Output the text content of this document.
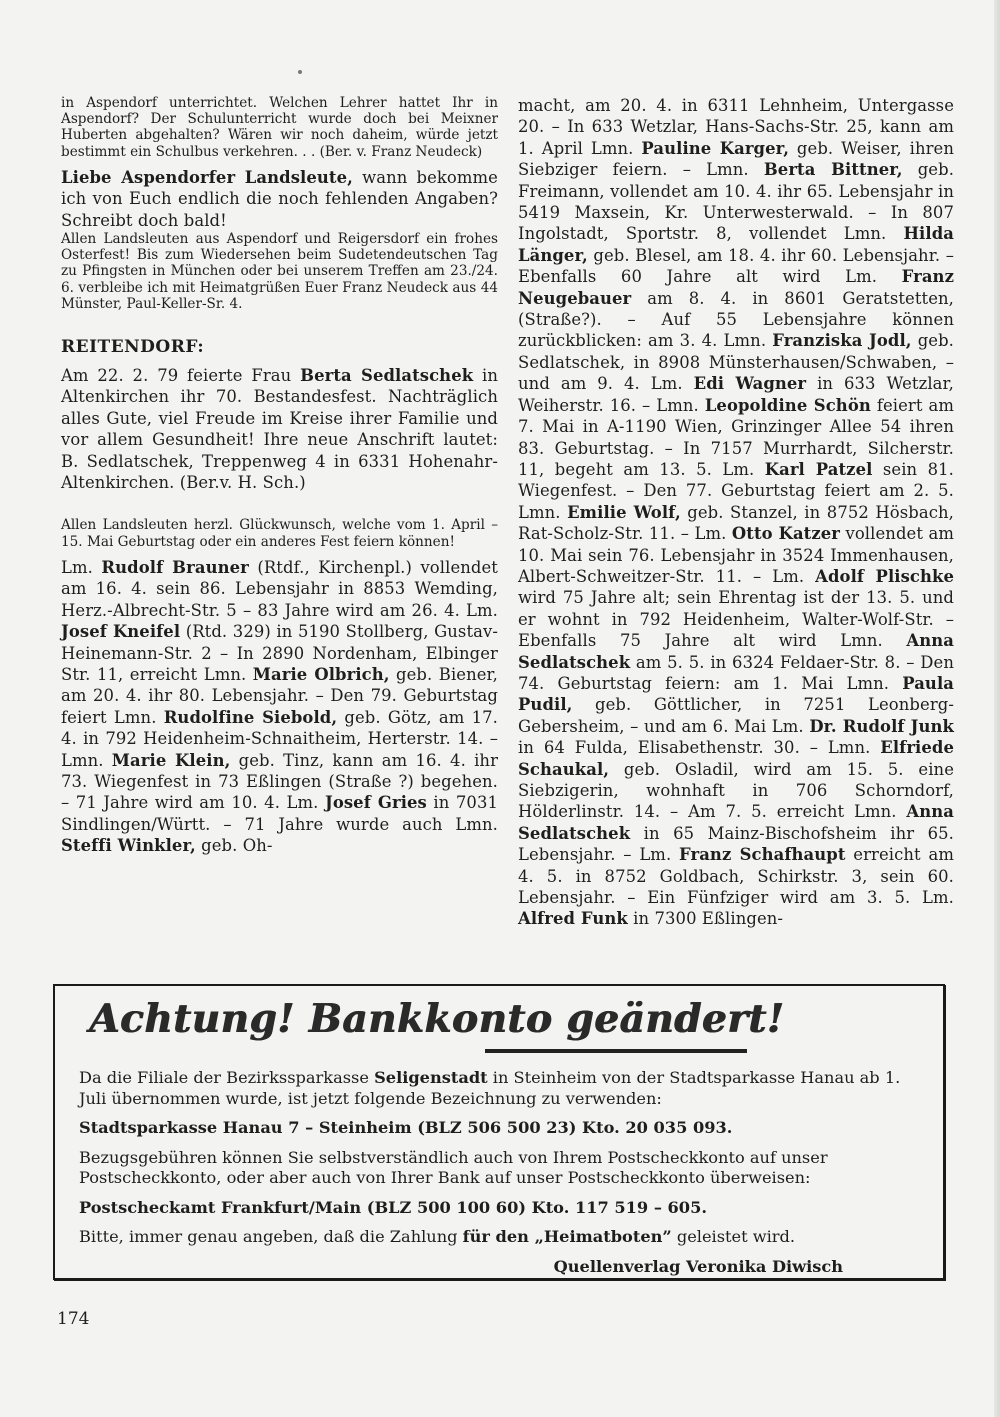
in Aspendorf unterrichtet. Welchen Lehrer hattet Ihr in Aspendorf? Der Schulunterricht wurde doch bei Meixner Huberten abgehalten? Wären wir noch daheim, würde jetzt bestimmt ein Schulbus verkehren. . . (Ber. v. Franz Neudeck)

Liebe Aspendorfer Landsleute, wann bekomme ich von Euch endlich die noch fehlenden Angaben? Schreibt doch bald!

Allen Landsleuten aus Aspendorf und Reigersdorf ein frohes Osterfest! Bis zum Wiedersehen beim Sudetendeutschen Tag zu Pfingsten in München oder bei unserem Treffen am 23./24. 6. verbleibe ich mit Heimatgrüßen Euer Franz Neudeck aus 44 Münster, Paul-Keller-Sr. 4.

REITENDORF:

Am 22. 2. 79 feierte Frau Berta Sedlatschek in Altenkirchen ihr 70. Bestandesfest. Nachträglich alles Gute, viel Freude im Kreise ihrer Familie und vor allem Gesundheit! Ihre neue Anschrift lautet: B. Sedlatschek, Treppenweg 4 in 6331 Hohenahr-Altenkirchen. (Ber.v. H. Sch.)

Allen Landsleuten herzl. Glückwunsch, welche vom 1. April – 15. Mai Geburtstag oder ein anderes Fest feiern können!

Lm. Rudolf Brauner (Rtdf., Kirchenpl.) vollendet am 16. 4. sein 86. Lebensjahr in 8853 Wemding, Herz.-Albrecht-Str. 5 – 83 Jahre wird am 26. 4. Lm. Josef Kneifel (Rtd. 329) in 5190 Stollberg, Gustav-Heinemann-Str. 2 – In 2890 Nordenham, Elbinger Str. 11, erreicht Lmn. Marie Olbrich, geb. Biener, am 20. 4. ihr 80. Lebensjahr. – Den 79. Geburtstag feiert Lmn. Rudolfine Siebold, geb. Götz, am 17. 4. in 792 Heidenheim-Schnaitheim, Herterstr. 14. – Lmn. Marie Klein, geb. Tinz, kann am 16. 4. ihr 73. Wiegenfest in 73 Eßlingen (Straße ?) begehen. – 71 Jahre wird am 10. 4. Lm. Josef Gries in 7031 Sindlingen/Württ. – 71 Jahre wurde auch Lmn. Steffi Winkler, geb. Oh-

macht, am 20. 4. in 6311 Lehnheim, Untergasse 20. – In 633 Wetzlar, Hans-Sachs-Str. 25, kann am 1. April Lmn. Pauline Karger, geb. Weiser, ihren Siebziger feiern. – Lmn. Berta Bittner, geb. Freimann, vollendet am 10. 4. ihr 65. Lebensjahr in 5419 Maxsein, Kr. Unterwesterwald. – In 807 Ingolstadt, Sportstr. 8, vollendet Lmn. Hilda Länger, geb. Blesel, am 18. 4. ihr 60. Lebensjahr. – Ebenfalls 60 Jahre alt wird Lm. Franz Neugebauer am 8. 4. in 8601 Geratstetten, (Straße?). – Auf 55 Lebensjahre können zurückblicken: am 3. 4. Lmn. Franziska Jodl, geb. Sedlatschek, in 8908 Münsterhausen/Schwaben, – und am 9. 4. Lm. Edi Wagner in 633 Wetzlar, Weiherstr. 16. – Lmn. Leopoldine Schön feiert am 7. Mai in A-1190 Wien, Grinzinger Allee 54 ihren 83. Geburtstag. – In 7157 Murrhardt, Silcherstr. 11, begeht am 13. 5. Lm. Karl Patzel sein 81. Wiegenfest. – Den 77. Geburtstag feiert am 2. 5. Lmn. Emilie Wolf, geb. Stanzel, in 8752 Hösbach, Rat-Scholz-Str. 11. – Lm. Otto Katzer vollendet am 10. Mai sein 76. Lebensjahr in 3524 Immenhausen, Albert-Schweitzer-Str. 11. – Lm. Adolf Plischke wird 75 Jahre alt; sein Ehrentag ist der 13. 5. und er wohnt in 792 Heidenheim, Walter-Wolf-Str. – Ebenfalls 75 Jahre alt wird Lmn. Anna Sedlatschek am 5. 5. in 6324 Feldaer-Str. 8. – Den 74. Geburtstag feiern: am 1. Mai Lmn. Paula Pudil, geb. Göttlicher, in 7251 Leonberg-Gebersheim, – und am 6. Mai Lm. Dr. Rudolf Junk in 64 Fulda, Elisabethenstr. 30. – Lmn. Elfriede Schaukal, geb. Osladil, wird am 15. 5. eine Siebzigerin, wohnhaft in 706 Schorndorf, Hölderlinstr. 14. – Am 7. 5. erreicht Lmn. Anna Sedlatschek in 65 Mainz-Bischofsheim ihr 65. Lebensjahr. – Lm. Franz Schafhaupt erreicht am 4. 5. in 8752 Goldbach, Schirkstr. 3, sein 60. Lebensjahr. – Ein Fünfziger wird am 3. 5. Lm. Alfred Funk in 7300 Eßlingen-

Achtung! Bankkonto geändert!

Da die Filiale der Bezirkssparkasse Seligenstadt in Steinheim von der Stadtsparkasse Hanau ab 1. Juli übernommen wurde, ist jetzt folgende Bezeichnung zu verwenden:

Stadtsparkasse Hanau 7 – Steinheim (BLZ 506 500 23) Kto. 20 035 093.

Bezugsgebühren können Sie selbstverständlich auch von Ihrem Postscheckkonto auf unser Postscheckkonto, oder aber auch von Ihrer Bank auf unser Postscheckkonto überweisen:

Postscheckamt Frankfurt/Main (BLZ 500 100 60) Kto. 117 519 – 605.

Bitte, immer genau angeben, daß die Zahlung für den „Heimatboten” geleistet wird.

Quellenverlag Veronika Diwisch

174
